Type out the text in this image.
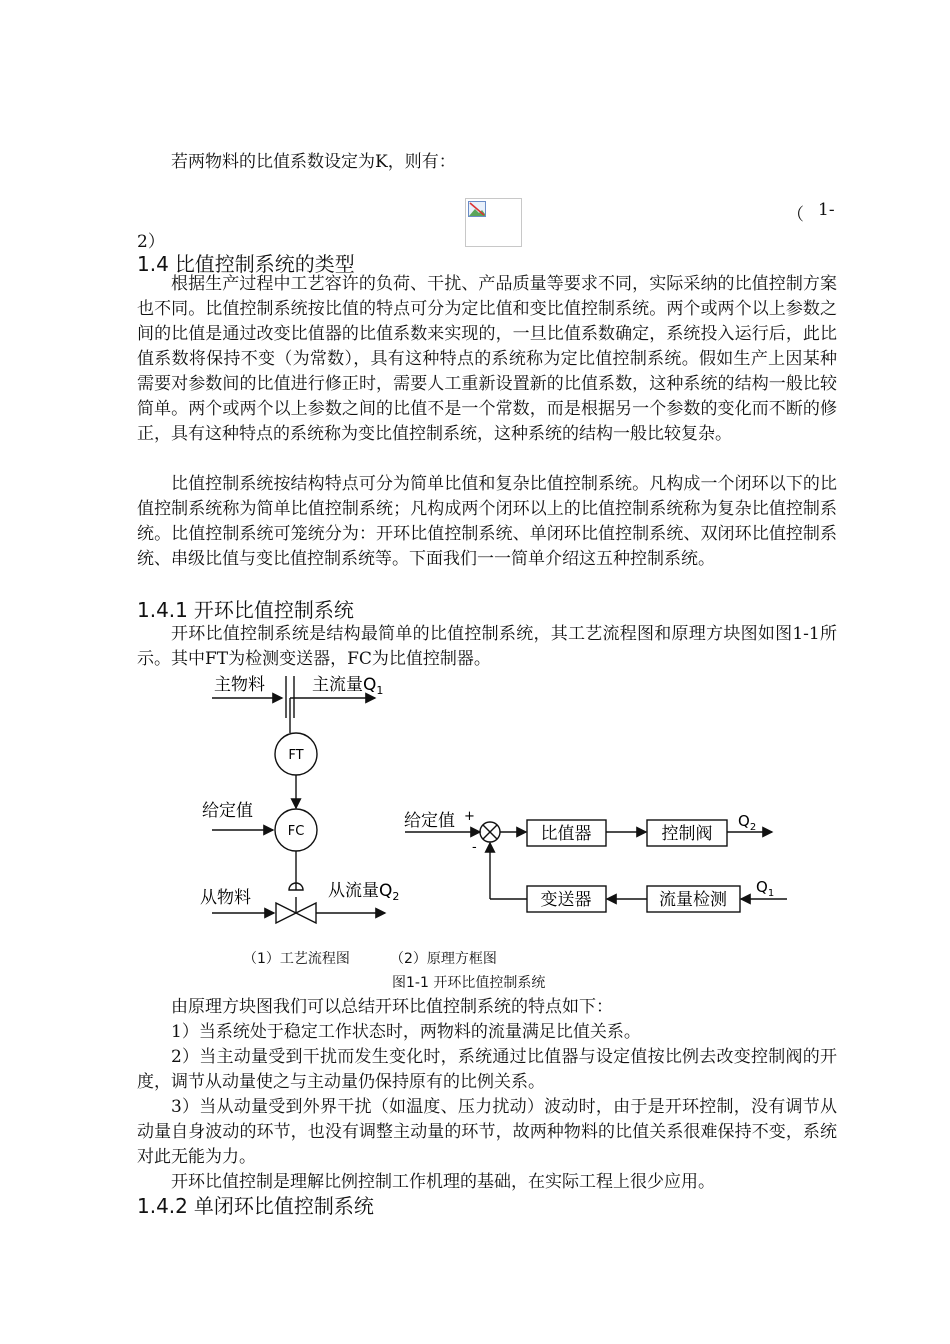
若两物料的比值系数设定为K，则有：

（ 1-
2）
1.4 比值控制系统的类型

根据生产过程中工艺容许的负荷、干扰、产品质量等要求不同，实际采纳的比值控制方案也不同。比值控制系统按比值的特点可分为定比值和变比值控制系统。两个或两个以上参数之间的比值是通过改变比值器的比值系数来实现的，一旦比值系数确定，系统投入运行后，此比值系数将保持不变（为常数），具有这种特点的系统称为定比值控制系统。假如生产上因某种需要对参数间的比值进行修正时，需要人工重新设置新的比值系数，这种系统的结构一般比较简单。两个或两个以上参数之间的比值不是一个常数，而是根据另一个参数的变化而不断的修正，具有这种特点的系统称为变比值控制系统，这种系统的结构一般比较复杂。

比值控制系统按结构特点可分为简单比值和复杂比值控制系统。凡构成一个闭环以下的比值控制系统称为简单比值控制系统；凡构成两个闭环以上的比值控制系统称为复杂比值控制系统。比值控制系统可笼统分为：开环比值控制系统、单闭环比值控制系统、双闭环比值控制系统、串级比值与变比值控制系统等。下面我们一一简单介绍这五种控制系统。

1.4.1 开环比值控制系统

开环比值控制系统是结构最简单的比值控制系统，其工艺流程图和原理方块图如图1-1所示。其中FT为检测变送器，FC为比值控制器。

主物料	主流量$Q_1$
FT
给定值
FC
从物料	从流量$Q_2$
给定值 +
-
比值器	控制阀
$Q_2$
变送器	流量检测
$Q_1$
（1）工艺流程图	（2）原理方框图
图1-1 开环比值控制系统

由原理方块图我们可以总结开环比值控制系统的特点如下：

1）当系统处于稳定工作状态时，两物料的流量满足比值关系。

2）当主动量受到干扰而发生变化时，系统通过比值器与设定值按比例去改变控制阀的开度，调节从动量使之与主动量仍保持原有的比例关系。

3）当从动量受到外界干扰（如温度、压力扰动）波动时，由于是开环控制，没有调节从动量自身波动的环节，也没有调整主动量的环节，故两种物料的比值关系很难保持不变，系统对此无能为力。

开环比值控制是理解比例控制工作机理的基础，在实际工程上很少应用。

1.4.2 单闭环比值控制系统
